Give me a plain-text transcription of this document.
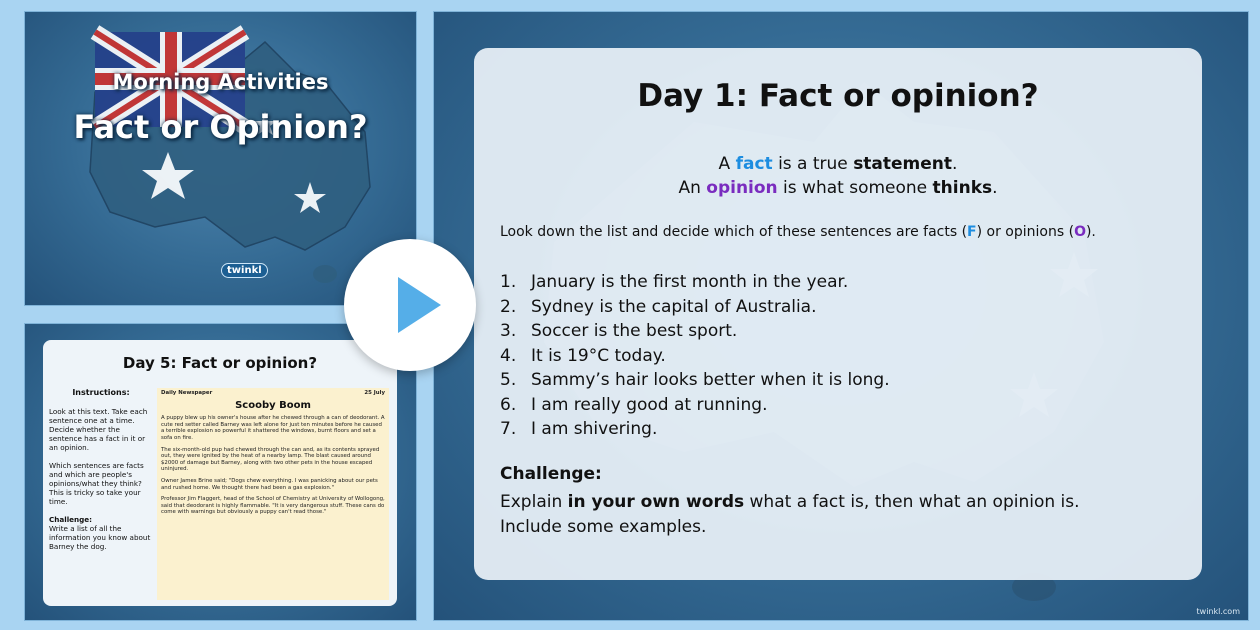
Morning Activities
Fact or Opinion?
twinkl
Day 5: Fact or opinion?
Instructions:

Look at this text. Take each sentence one at a time. Decide whether the sentence has a fact in it or an opinion.

Which sentences are facts and which are people's opinions/what they think? This is tricky so take your time.

Challenge:

Write a list of all the information you know about Barney the dog.

Daily Newspaper	25 July
Scooby Boom

A puppy blew up his owner's house after he chewed through a can of deodorant. A cute red setter called Barney was left alone for just ten minutes before he caused a terrible explosion so powerful it shattered the windows, burnt floors and set a sofa on fire.

The six-month-old pup had chewed through the can and, as its contents sprayed out, they were ignited by the heat of a nearby lamp. The blast caused around $2000 of damage but Barney, along with two other pets in the house escaped uninjured.

Owner James Brine said; "Dogs chew everything. I was panicking about our pets and rushed home. We thought there had been a gas explosion."

Professor Jim Flaggert, head of the School of Chemistry at University of Wollogong, said that deodorant is highly flammable. "It is very dangerous stuff. These cans do come with warnings but obviously a puppy can't read those."

Day 1: Fact or opinion?
A fact is a true statement.
An opinion is what someone thinks.
Look down the list and decide which of these sentences are facts (F) or opinions (O).
1. January is the first month in the year.
2. Sydney is the capital of Australia.
3. Soccer is the best sport.
4. It is 19°C today.
5. Sammy’s hair looks better when it is long.
6. I am really good at running.
7. I am shivering.
Challenge:
Explain in your own words what a fact is, then what an opinion is.
Include some examples.
twinkl.com
